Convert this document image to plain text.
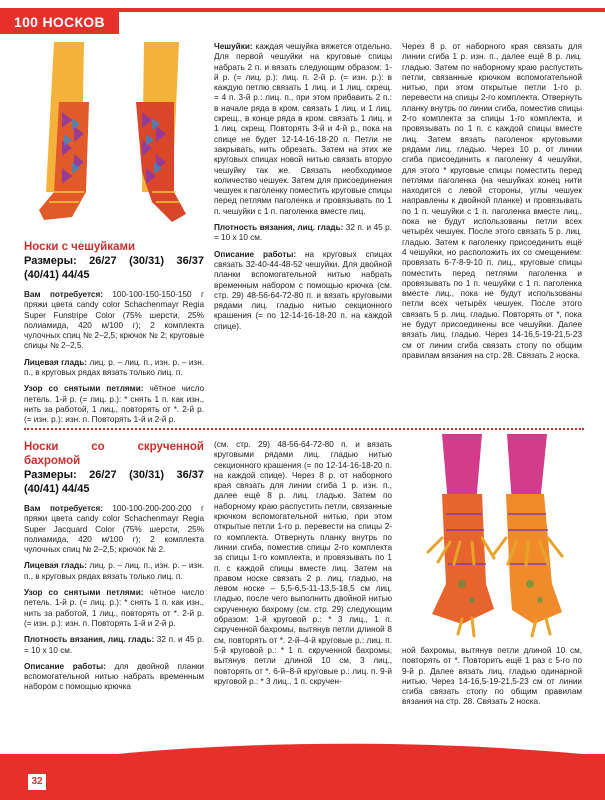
100 НОСКОВ
Носки с чешуйками
Размеры: 26/27 (30/31) 36/37 (40/41) 44/45

Вам потребуется: 100-100-150-150-150 г пряжи цвета candy color Schachenmayr Regia Super Funstripe Color (75% шерсти, 25% полиамида, 420 м/100 г); 2 комплекта чулочных спиц № 2–2,5; крючок № 2; круговые спицы № 2–2,5.

Лицевая гладь: лиц. р. – лиц. п., изн. р. – изн. п., в круговых рядах вязать только лиц. п.

Узор со снятыми петлями: чётное число петель. 1-й р. (= лиц. р.): * снять 1 п. как изн., нить за работой, 1 лиц., повторять от *. 2-й р. (= изн. р.): изн. п. Повторять 1-й и 2-й р.

Чешуйки: каждая чешуйка вяжется отдельно. Для первой чешуйки на круговые спицы набрать 2 п. и вязать следующим образом: 1-й р. (= лиц. р.): лиц. п. 2-й р. (= изн. р.): в каждую петлю связать 1 лиц. и 1 лиц. скрещ. = 4 п. 3-й р.: лиц. п., при этом прибавить 2 п.: в начале ряда в кром. связать 1 лиц. и 1 лиц. скрещ., в конце ряда в кром. связать 1 лиц. и 1 лиц. скрещ. Повторять 3-й и 4-й р., пока на спице не будет 12-14-16-18-20 п. Петли не закрывать, нить обрезать. Затем на этих же круговых спицах новой нитью связать вторую чешуйку так же. Связать необходимое количество чешуек. Затем для присоединения чешуек к паголенку поместить круговые спицы перед петлями паголенка и провязывать по 1 п. чешуйки с 1 п. паголенка вместе лиц.

Плотность вязания, лиц. гладь: 32 п. и 45 р. = 10 х 10 см.

Описание работы: на круговых спицах связать 32-40-44-48-52 чешуйки. Для двойной планки вспомогательной нитью набрать временным набором с помощью крючка (см. стр. 29) 48-56-64-72-80 п. и вязать круговыми рядами лиц. гладью нитью секционного крашения (= по 12-14-16-18-20 п. на каждой спице).

Через 8 р. от наборного края связать для линии сгиба 1 р. изн. п., далее ещё 8 р. лиц. гладью. Затем по наборному краю распустить петли, связанные крючком вспомогательной нитью, при этом открытые петли 1-го р. перевести на спицы 2-го комплекта. Отвернуть планку внутрь по линии сгиба, поместив спицы 2-го комплекта за спицы 1-го комплекта, и провязывать по 1 п. с каждой спицы вместе лиц. Затем вязать паголенок круговыми рядами лиц. гладью. Через 10 р. от линии сгиба присоединить к паголенку 4 чешуйки, для этого * круговые спицы поместить перед петлями паголенка (на чешуйках конец нити находится с левой стороны, углы чешуек направлены к двойной планке) и провязывать по 1 п. чешуйки с 1 п. паголенка вместе лиц., пока не будут использованы петли всех четырёх чешуек. После этого связать 5 р. лиц. гладью. Затем к паголенку присоединить ещё 4 чешуйки, но расположить их со смещением: провязать 6-7-8-9-10 п. лиц., круговые спицы поместить перед петлями паголенка и провязывать по 1 п. чешуйки с 1 п. паголенка вместе лиц., пока не будут использованы петли всех четырёх чешуек. После этого связать 5 р. лиц. гладью. Повторять от *, пока не будут присоединены все чешуйки. Далее вязать лиц. гладью. Через 14-16,5-19-21,5-23 см от линии сгиба связать стопу по общим правилам вязания на стр. 28. Связать 2 носка.

Носки со скрученной бахромой
Размеры: 26/27 (30/31) 36/37 (40/41) 44/45

Вам потребуется: 100-100-200-200-200 г пряжи цвета candy color Schachenmayr Regia Super Jacquard Color (75% шерсти, 25% полиамида, 420 м/100 г); 2 комплекта чулочных спиц № 2–2,5; крючок № 2.

Лицевая гладь: лиц. р. – лиц. п., изн. р. – изн. п., в круговых рядах вязать только лиц. п.

Узор со снятыми петлями: чётное число петель. 1-й р. (= лиц. р.): * снять 1 п. как изн., нить за работой, 1 лиц., повторять от *. 2-й р. (= изн. р.): изн. п. Повторять 1-й и 2-й р.

Плотность вязания, лиц. гладь: 32 п. и 45 р. = 10 х 10 см.

Описание работы: для двойной планки вспомогательной нитью набрать временным набором с помощью крючка

(см. стр. 29) 48-56-64-72-80 п. и вязать круговыми рядами лиц. гладью нитью секционного крашения (= по 12-14-16-18-20 п. на каждой спице). Через 8 р. от наборного края связать для линии сгиба 1 р. изн. п., далее ещё 8 р. лиц. гладью. Затем по наборному краю распустить петли, связанные крючком вспомогательной нитью, при этом открытые петли 1-го р. перевести на спицы 2-го комплекта. Отвернуть планку внутрь по линии сгиба, поместив спицы 2-го комплекта за спицы 1-го комплекта, и провязывать по 1 п. с каждой спицы вместе лиц. Затем на правом носке связать 2 р. лиц. гладью, на левом носке – 5,5-6,5-11-13,5-18,5 см лиц. гладью, после чего выполнить двойной нитью скрученную бахрому (см. стр. 29) следующим образом: 1-й круговой р.: * 3 лиц., 1 п. скрученной бахромы, вытянув петли длиной 8 см, повторять от *. 2-й–4-й круговые р.: лиц. п. 5-й круговой р.: * 1 п. скрученной бахромы, вытянув петли длиной 10 см, 3 лиц., повторять от *. 6-й–8-й круговые р.: лиц. п. 9-й круговой р.: * 3 лиц., 1 п. скручен-

ной бахромы, вытянув петли длиной 10 см, повторять от *. Повторить ещё 1 раз с 5-го по 9-й р. Далее вязать лиц. гладью одинарной нитью. Через 14-16,5-19-21,5-23 см от линии сгиба связать стопу по общим правилам вязания на стр. 28. Связать 2 носка.

32
